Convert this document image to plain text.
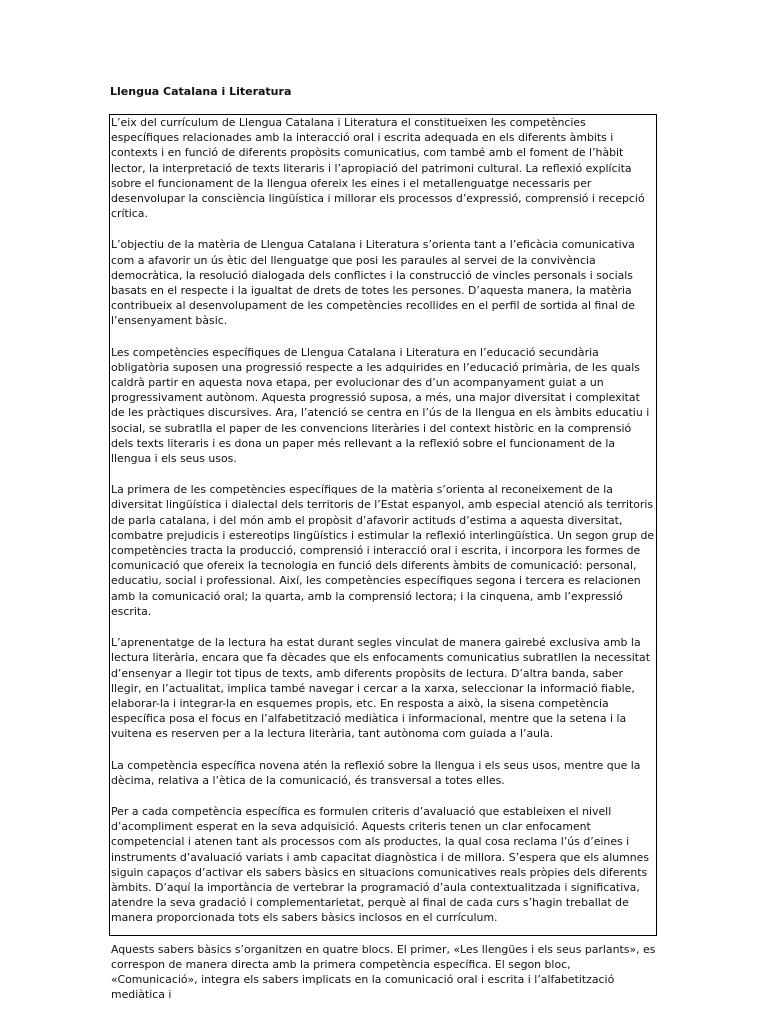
Llengua Catalana i Literatura

L’eix del currículum de Llengua Catalana i Literatura el constitueixen les competències específiques relacionades amb la interacció oral i escrita adequada en els diferents àmbits i contexts i en funció de diferents propòsits comunicatius, com també amb el foment de l’hàbit lector, la interpretació de texts literaris i l’apropiació del patrimoni cultural. La reflexió explícita sobre el funcionament de la llengua ofereix les eines i el metallenguatge necessaris per desenvolupar la consciència lingüística i millorar els processos d’expressió, comprensió i recepció crítica.

L’objectiu de la matèria de Llengua Catalana i Literatura s’orienta tant a l’eficàcia comunicativa com a afavorir un ús ètic del llenguatge que posi les paraules al servei de la convivència democràtica, la resolució dialogada dels conflictes i la construcció de vincles personals i socials basats en el respecte i la igualtat de drets de totes les persones. D’aquesta manera, la matèria contribueix al desenvolupament de les competències recollides en el perfil de sortida al final de l’ensenyament bàsic.

Les competències específiques de Llengua Catalana i Literatura en l’educació secundària obligatòria suposen una progressió respecte a les adquirides en l’educació primària, de les quals caldrà partir en aquesta nova etapa, per evolucionar des d’un acompanyament guiat a un progressivament autònom. Aquesta progressió suposa, a més, una major diversitat i complexitat de les pràctiques discursives. Ara, l’atenció se centra en l’ús de la llengua en els àmbits educatiu i social, se subratlla el paper de les convencions literàries i del context històric en la comprensió dels texts literaris i es dona un paper més rellevant a la reflexió sobre el funcionament de la llengua i els seus usos.

La primera de les competències específiques de la matèria s’orienta al reconeixement de la diversitat lingüística i dialectal dels territoris de l’Estat espanyol, amb especial atenció als territoris de parla catalana, i del món amb el propòsit d’afavorir actituds d’estima a aquesta diversitat, combatre prejudicis i estereotips lingüístics i estimular la reflexió interlingüística. Un segon grup de competències tracta la producció, comprensió i interacció oral i escrita, i incorpora les formes de comunicació que ofereix la tecnologia en funció dels diferents àmbits de comunicació: personal, educatiu, social i professional. Així, les competències específiques segona i tercera es relacionen amb la comunicació oral; la quarta, amb la comprensió lectora; i la cinquena, amb l’expressió escrita.

L’aprenentatge de la lectura ha estat durant segles vinculat de manera gairebé exclusiva amb la lectura literària, encara que fa dècades que els enfocaments comunicatius subratllen la necessitat d’ensenyar a llegir tot tipus de texts, amb diferents propòsits de lectura. D’altra banda, saber llegir, en l’actualitat, implica també navegar i cercar a la xarxa, seleccionar la informació fiable, elaborar-la i integrar-la en esquemes propis, etc. En resposta a això, la sisena competència específica posa el focus en l’alfabetització mediàtica i informacional, mentre que la setena i la vuitena es reserven per a la lectura literària, tant autònoma com guiada a l’aula.

La competència específica novena atén la reflexió sobre la llengua i els seus usos, mentre que la dècima, relativa a l’ètica de la comunicació, és transversal a totes elles.

Per a cada competència específica es formulen criteris d’avaluació que estableixen el nivell d’acompliment esperat en la seva adquisició. Aquests criteris tenen un clar enfocament competencial i atenen tant als processos com als productes, la qual cosa reclama l’ús d’eines i instruments d’avaluació variats i amb capacitat diagnòstica i de millora. S’espera que els alumnes siguin capaços d’activar els sabers bàsics en situacions comunicatives reals pròpies dels diferents àmbits. D’aquí la importància de vertebrar la programació d’aula contextualitzada i significativa, atendre la seva gradació i complementarietat, perquè al final de cada curs s’hagin treballat de manera proporcionada tots els sabers bàsics inclosos en el currículum.

Aquests sabers bàsics s’organitzen en quatre blocs. El primer, «Les llengües i els seus parlants», es correspon de manera directa amb la primera competència específica. El segon bloc, «Comunicació», integra els sabers implicats en la comunicació oral i escrita i l’alfabetització mediàtica i
